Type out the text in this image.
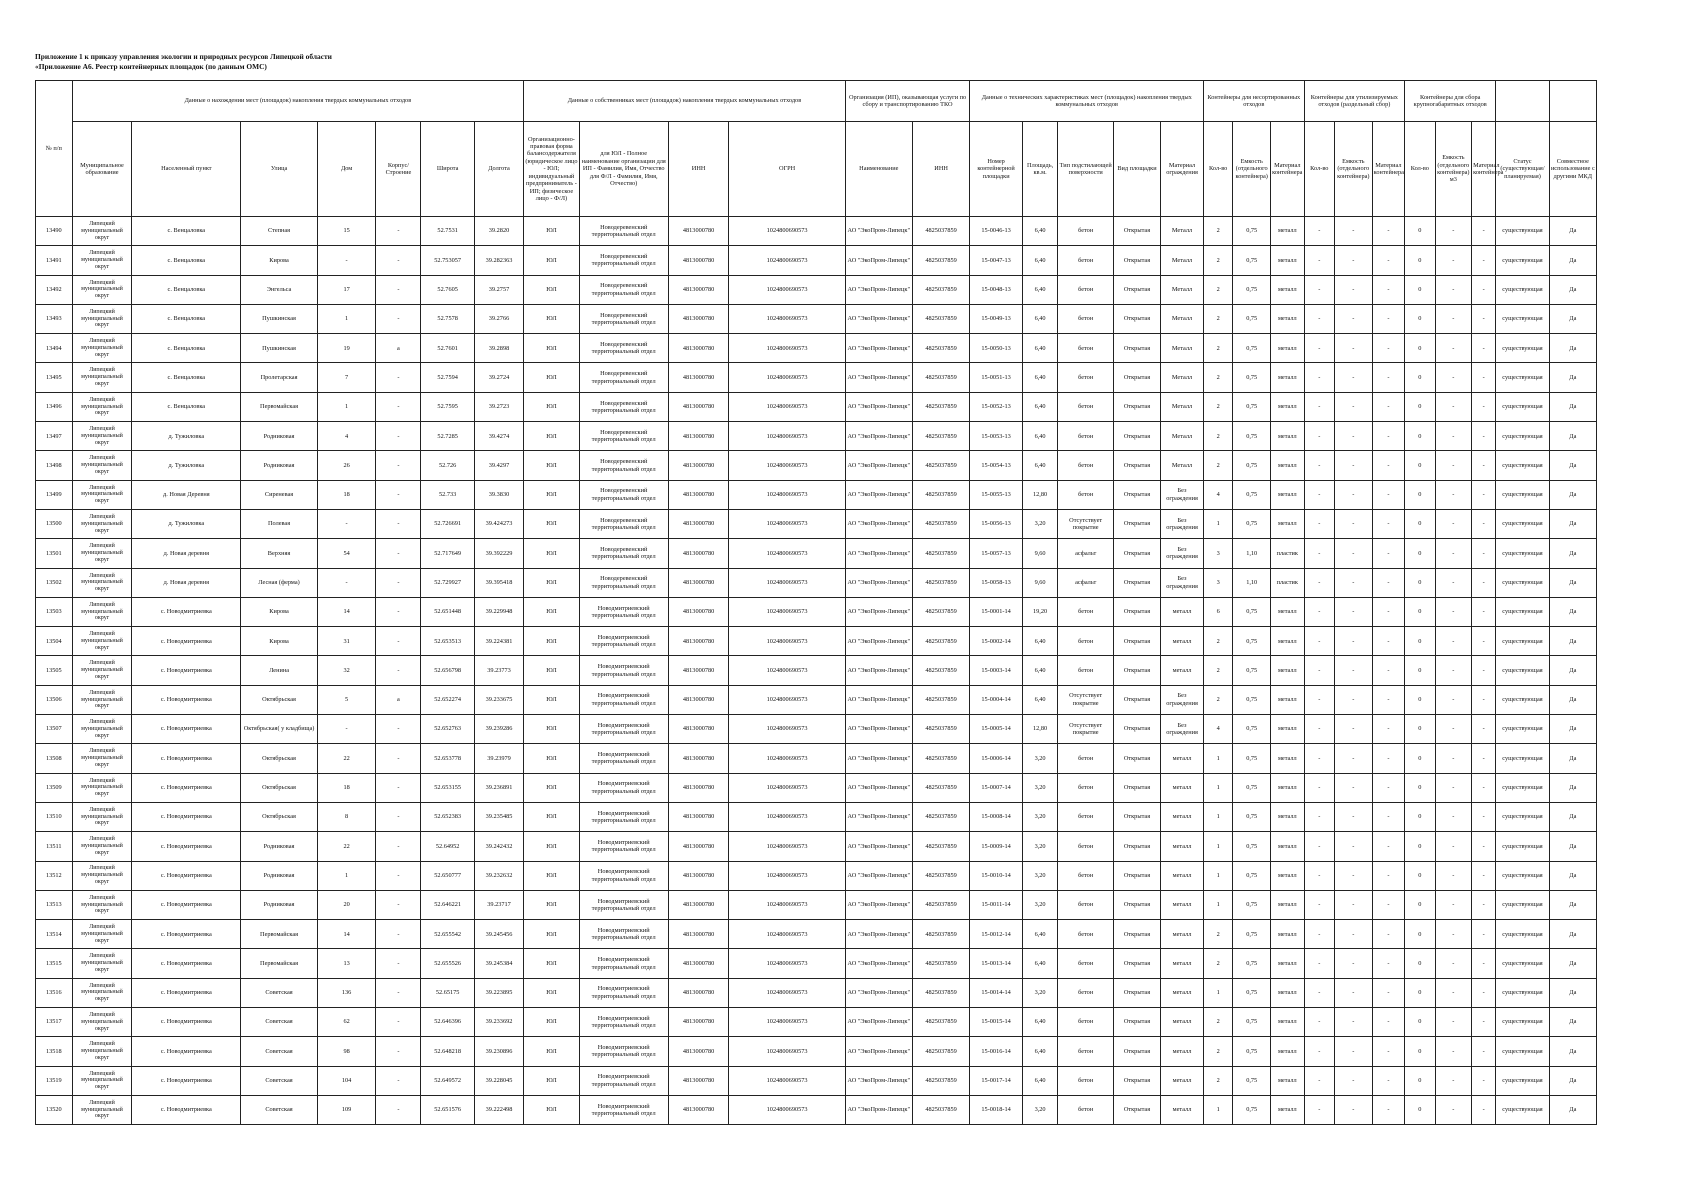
Приложение 1 к приказу управления экологии и природных ресурсов Липецкой области
«Приложение А6. Реестр контейнерных площадок (по данным ОМС)
№ п/п	Данные о нахождении мест (площадок) накопления твердых коммунальных отходов							Данные о собственниках мест (площадок) накопления твердых коммунальных отходов				Организация (ИП), оказывающая услуги по сбору и транспортированию ТКО		Данные о технических характеристиках мест (площадок) накопления твердых коммунальных отходов					Контейнеры для несортированных отходов			Контейнеры для утилизируемых отходов (раздельный сбор)			Контейнеры для сбора крупногабаритных отходов				
	Муниципальное образование	Населенный пункт	Улица	Дом	Корпус/Строение	Широта	Долгота	Организационно-правовая форма балансодержателя (юридическое лицо - ЮЛ; индивидуальный предприниматель - ИП; физическое лицо - Ф/Л)	для ЮЛ - Полное наименование организации для ИП - Фамилия, Имя, Отчество для Ф/Л - Фамилия, Имя, Отчество)	ИНН	ОГРН	Наименование	ИНН	Номер контейнерной площадки	Площадь, кв.м.	Тип подстилающей поверхности	Вид площадки	Материал ограждения	Кол-во	Емкость (отдельного контейнера)	Материал контейнера	Кол-во	Емкость (отдельного контейнера)	Материал контейнера	Кол-во	Емкость (отдельного контейнера) м3	Материал контейнера	Статус (существующая/ планируемая)	Совместное использование с другими МКД
13490	Липецкий муниципальный округ	с. Венцаловка	Степная	15	-	52.7531	39.2820	ЮЛ	Новодеревенский территориальный отдел	4813000780	1024800690573	АО "ЭкоПром-Липецк"	4825037859	15-0046-13	6,40	бетон	Открытая	Металл	2	0,75	металл	-	-	-	0	-	-	существующая	Да
13491	Липецкий муниципальный округ	с. Венцаловка	Кирова	-	-	52.753057	39.282363	ЮЛ	Новодеревенский территориальный отдел	4813000780	1024800690573	АО "ЭкоПром-Липецк"	4825037859	15-0047-13	6,40	бетон	Открытая	Металл	2	0,75	металл	-	-	-	0	-	-	существующая	Да
13492	Липецкий муниципальный округ	с. Венцаловка	Энгельса	17	-	52.7605	39.2757	ЮЛ	Новодеревенский территориальный отдел	4813000780	1024800690573	АО "ЭкоПром-Липецк"	4825037859	15-0048-13	6,40	бетон	Открытая	Металл	2	0,75	металл	-	-	-	0	-	-	существующая	Да
13493	Липецкий муниципальный округ	с. Венцаловка	Пушкинская	1	-	52.7578	39.2766	ЮЛ	Новодеревенский территориальный отдел	4813000780	1024800690573	АО "ЭкоПром-Липецк"	4825037859	15-0049-13	6,40	бетон	Открытая	Металл	2	0,75	металл	-	-	-	0	-	-	существующая	Да
13494	Липецкий муниципальный округ	с. Венцаловка	Пушкинская	19	а	52.7601	39.2898	ЮЛ	Новодеревенский территориальный отдел	4813000780	1024800690573	АО "ЭкоПром-Липецк"	4825037859	15-0050-13	6,40	бетон	Открытая	Металл	2	0,75	металл	-	-	-	0	-	-	существующая	Да
13495	Липецкий муниципальный округ	с. Венцаловка	Пролетарская	7	-	52.7594	39.2724	ЮЛ	Новодеревенский территориальный отдел	4813000780	1024800690573	АО "ЭкоПром-Липецк"	4825037859	15-0051-13	6,40	бетон	Открытая	Металл	2	0,75	металл	-	-	-	0	-	-	существующая	Да
13496	Липецкий муниципальный округ	с. Венцаловка	Первомайская	1	-	52.7595	39.2723	ЮЛ	Новодеревенский территориальный отдел	4813000780	1024800690573	АО "ЭкоПром-Липецк"	4825037859	15-0052-13	6,40	бетон	Открытая	Металл	2	0,75	металл	-	-	-	0	-	-	существующая	Да
13497	Липецкий муниципальный округ	д. Тужиловка	Родниковая	4	-	52.7285	39.4274	ЮЛ	Новодеревенский территориальный отдел	4813000780	1024800690573	АО "ЭкоПром-Липецк"	4825037859	15-0053-13	6,40	бетон	Открытая	Металл	2	0,75	металл	-	-	-	0	-	-	существующая	Да
13498	Липецкий муниципальный округ	д. Тужиловка	Родниковая	26	-	52.726	39.4297	ЮЛ	Новодеревенский территориальный отдел	4813000780	1024800690573	АО "ЭкоПром-Липецк"	4825037859	15-0054-13	6,40	бетон	Открытая	Металл	2	0,75	металл	-	-	-	0	-	-	существующая	Да
13499	Липецкий муниципальный округ	д. Новая Деревня	Сиреневая	18	-	52.733	39.3830	ЮЛ	Новодеревенский территориальный отдел	4813000780	1024800690573	АО "ЭкоПром-Липецк"	4825037859	15-0055-13	12,80	бетон	Открытая	Без ограждения	4	0,75	металл	-	-	-	0	-	-	существующая	Да
13500	Липецкий муниципальный округ	д. Тужиловка	Полевая	-	-	52.726691	39.424273	ЮЛ	Новодеревенский территориальный отдел	4813000780	1024800690573	АО "ЭкоПром-Липецк"	4825037859	15-0056-13	3,20	Отсутствует покрытие	Открытая	Без ограждения	1	0,75	металл	-	-	-	0	-	-	существующая	Да
13501	Липецкий муниципальный округ	д. Новая деревня	Верхняя	54	-	52.717649	39.392229	ЮЛ	Новодеревенский территориальный отдел	4813000780	1024800690573	АО "ЭкоПром-Липецк"	4825037859	15-0057-13	9,60	асфальт	Открытая	Без ограждения	3	1,10	пластик	-	-	-	0	-	-	существующая	Да
13502	Липецкий муниципальный округ	д. Новая деревня	Лесная (ферма)	-	-	52.729927	39.395418	ЮЛ	Новодеревенский территориальный отдел	4813000780	1024800690573	АО "ЭкоПром-Липецк"	4825037859	15-0058-13	9,60	асфальт	Открытая	Без ограждения	3	1,10	пластик	-	-	-	0	-	-	существующая	Да
13503	Липецкий муниципальный округ	с. Новодмитриевка	Кирова	14	-	52.651448	39.229948	ЮЛ	Новодмитриевский территориальный отдел	4813000780	1024800690573	АО "ЭкоПром-Липецк"	4825037859	15-0001-14	19,20	бетон	Открытая	металл	6	0,75	металл	-	-	-	0	-	-	существующая	Да
13504	Липецкий муниципальный округ	с. Новодмитриевка	Кирова	31	-	52.653513	39.224381	ЮЛ	Новодмитриевский территориальный отдел	4813000780	1024800690573	АО "ЭкоПром-Липецк"	4825037859	15-0002-14	6,40	бетон	Открытая	металл	2	0,75	металл	-	-	-	0	-	-	существующая	Да
13505	Липецкий муниципальный округ	с. Новодмитриевка	Ленина	32	-	52.656798	39.23773	ЮЛ	Новодмитриевский территориальный отдел	4813000780	1024800690573	АО "ЭкоПром-Липецк"	4825037859	15-0003-14	6,40	бетон	Открытая	металл	2	0,75	металл	-	-	-	0	-	-	существующая	Да
13506	Липецкий муниципальный округ	с. Новодмитриевка	Октябрьская	5	а	52.652274	39.233675	ЮЛ	Новодмитриевский территориальный отдел	4813000780	1024800690573	АО "ЭкоПром-Липецк"	4825037859	15-0004-14	6,40	Отсутствует покрытие	Открытая	Без ограждения	2	0,75	металл	-	-	-	0	-	-	существующая	Да
13507	Липецкий муниципальный округ	с. Новодмитриевка	Октябрьская( у кладбища)	-	-	52.652763	39.239286	ЮЛ	Новодмитриевский территориальный отдел	4813000780	1024800690573	АО "ЭкоПром-Липецк"	4825037859	15-0005-14	12,80	Отсутствует покрытие	Открытая	Без ограждения	4	0,75	металл	-	-	-	0	-	-	существующая	Да
13508	Липецкий муниципальный округ	с. Новодмитриевка	Октябрьская	22	-	52.653778	39.23979	ЮЛ	Новодмитриевский территориальный отдел	4813000780	1024800690573	АО "ЭкоПром-Липецк"	4825037859	15-0006-14	3,20	бетон	Открытая	металл	1	0,75	металл	-	-	-	0	-	-	существующая	Да
13509	Липецкий муниципальный округ	с. Новодмитриевка	Октябрьская	18	-	52.653155	39.236891	ЮЛ	Новодмитриевский территориальный отдел	4813000780	1024800690573	АО "ЭкоПром-Липецк"	4825037859	15-0007-14	3,20	бетон	Открытая	металл	1	0,75	металл	-	-	-	0	-	-	существующая	Да
13510	Липецкий муниципальный округ	с. Новодмитриевка	Октябрьская	8	-	52.652383	39.235485	ЮЛ	Новодмитриевский территориальный отдел	4813000780	1024800690573	АО "ЭкоПром-Липецк"	4825037859	15-0008-14	3,20	бетон	Открытая	металл	1	0,75	металл	-	-	-	0	-	-	существующая	Да
13511	Липецкий муниципальный округ	с. Новодмитриевка	Родниковая	22	-	52.64952	39.242432	ЮЛ	Новодмитриевский территориальный отдел	4813000780	1024800690573	АО "ЭкоПром-Липецк"	4825037859	15-0009-14	3,20	бетон	Открытая	металл	1	0,75	металл	-	-	-	0	-	-	существующая	Да
13512	Липецкий муниципальный округ	с. Новодмитриевка	Родниковая	1	-	52.650777	39.232632	ЮЛ	Новодмитриевский территориальный отдел	4813000780	1024800690573	АО "ЭкоПром-Липецк"	4825037859	15-0010-14	3,20	бетон	Открытая	металл	1	0,75	металл	-	-	-	0	-	-	существующая	Да
13513	Липецкий муниципальный округ	с. Новодмитриевка	Родниковая	20	-	52.646221	39.23717	ЮЛ	Новодмитриевский территориальный отдел	4813000780	1024800690573	АО "ЭкоПром-Липецк"	4825037859	15-0011-14	3,20	бетон	Открытая	металл	1	0,75	металл	-	-	-	0	-	-	существующая	Да
13514	Липецкий муниципальный округ	с. Новодмитриевка	Первомайская	14	-	52.655542	39.245456	ЮЛ	Новодмитриевский территориальный отдел	4813000780	1024800690573	АО "ЭкоПром-Липецк"	4825037859	15-0012-14	6,40	бетон	Открытая	металл	2	0,75	металл	-	-	-	0	-	-	существующая	Да
13515	Липецкий муниципальный округ	с. Новодмитриевка	Первомайская	13	-	52.655526	39.245384	ЮЛ	Новодмитриевский территориальный отдел	4813000780	1024800690573	АО "ЭкоПром-Липецк"	4825037859	15-0013-14	6,40	бетон	Открытая	металл	2	0,75	металл	-	-	-	0	-	-	существующая	Да
13516	Липецкий муниципальный округ	с. Новодмитриевка	Советская	136	-	52.65175	39.223895	ЮЛ	Новодмитриевский территориальный отдел	4813000780	1024800690573	АО "ЭкоПром-Липецк"	4825037859	15-0014-14	3,20	бетон	Открытая	металл	1	0,75	металл	-	-	-	0	-	-	существующая	Да
13517	Липецкий муниципальный округ	с. Новодмитриевка	Советская	62	-	52.646396	39.233692	ЮЛ	Новодмитриевский территориальный отдел	4813000780	1024800690573	АО "ЭкоПром-Липецк"	4825037859	15-0015-14	6,40	бетон	Открытая	металл	2	0,75	металл	-	-	-	0	-	-	существующая	Да
13518	Липецкий муниципальный округ	с. Новодмитриевка	Советская	98	-	52.648218	39.230896	ЮЛ	Новодмитриевский территориальный отдел	4813000780	1024800690573	АО "ЭкоПром-Липецк"	4825037859	15-0016-14	6,40	бетон	Открытая	металл	2	0,75	металл	-	-	-	0	-	-	существующая	Да
13519	Липецкий муниципальный округ	с. Новодмитриевка	Советская	104	-	52.649572	39.228045	ЮЛ	Новодмитриевский территориальный отдел	4813000780	1024800690573	АО "ЭкоПром-Липецк"	4825037859	15-0017-14	6,40	бетон	Открытая	металл	2	0,75	металл	-	-	-	0	-	-	существующая	Да
13520	Липецкий муниципальный округ	с. Новодмитриевка	Советская	109	-	52.651576	39.222498	ЮЛ	Новодмитриевский территориальный отдел	4813000780	1024800690573	АО "ЭкоПром-Липецк"	4825037859	15-0018-14	3,20	бетон	Открытая	металл	1	0,75	металл	-	-	-	0	-	-	существующая	Да
